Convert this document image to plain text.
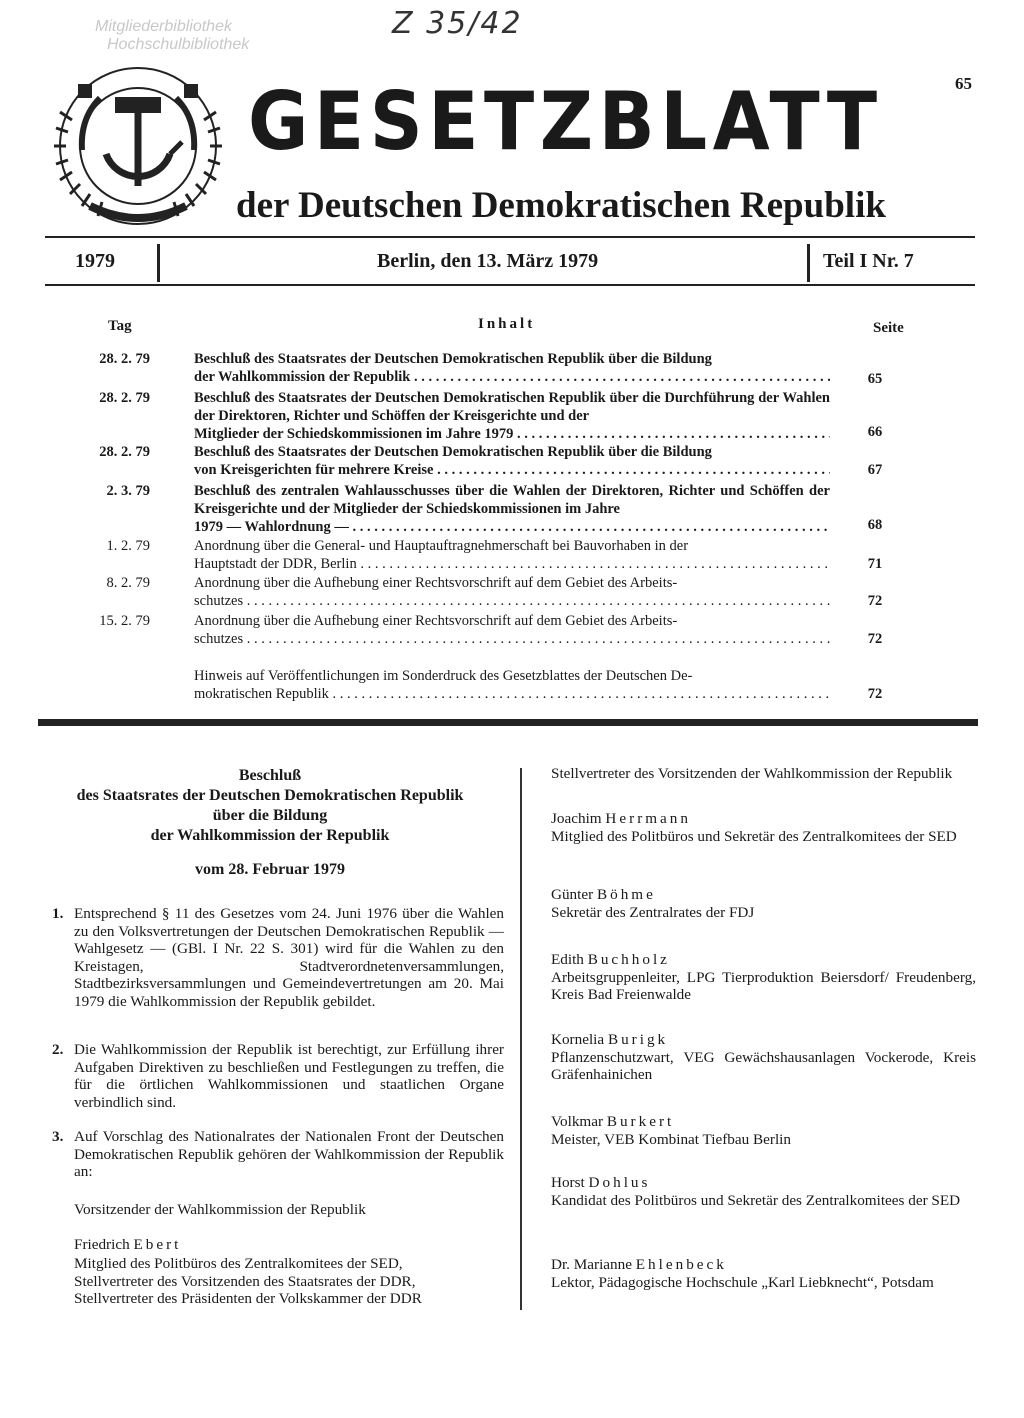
Mitgliederbibliothek
Hochschulbibliothek
Z 35/42
65
GESETZBLATT
der Deutschen Demokratischen Republik
1979	Berlin, den 13. März 1979	Teil I Nr. 7
Tag	Inhalt	Seite
28. 2. 79	Beschluß des Staatsrates der Deutschen Demokratischen Republik über die Bildung
der Wahlkommission der Republik . . .	65
28. 2. 79	Beschluß des Staatsrates der Deutschen Demokratischen Republik über die Durchführung der Wahlen der Direktoren, Richter und Schöffen der Kreisgerichte und der
Mitglieder der Schiedskommissionen im Jahre 1979 . . .	66
28. 2. 79	Beschluß des Staatsrates der Deutschen Demokratischen Republik über die Bildung
von Kreisgerichten für mehrere Kreise . . .	67
2. 3. 79	Beschluß des zentralen Wahlausschusses über die Wahlen der Direktoren, Richter und Schöffen der Kreisgerichte und der Mitglieder der Schiedskommissionen im Jahre
1979 — Wahlordnung — . . .	68
1. 2. 79	Anordnung über die General- und Hauptauftragnehmerschaft bei Bauvorhaben in der
Hauptstadt der DDR, Berlin . . .	71
8. 2. 79	Anordnung über die Aufhebung einer Rechtsvorschrift auf dem Gebiet des Arbeits-
schutzes . . .	72
15. 2. 79	Anordnung über die Aufhebung einer Rechtsvorschrift auf dem Gebiet des Arbeits-
schutzes . . .	72
Hinweis auf Veröffentlichungen im Sonderdruck des Gesetzblattes der Deutschen De-
mokratischen Republik . . .	72
Beschluß
des Staatsrates der Deutschen Demokratischen Republik
über die Bildung
der Wahlkommission der Republik
vom 28. Februar 1979
1. Entsprechend § 11 des Gesetzes vom 24. Juni 1976 über die Wahlen zu den Volksvertretungen der Deutschen Demokratischen Republik — Wahlgesetz — (GBl. I Nr. 22 S. 301) wird für die Wahlen zu den Kreistagen, Stadtverordnetenversammlungen, Stadtbezirksversammlungen und Gemeindevertretungen am 20. Mai 1979 die Wahlkommission der Republik gebildet.
2. Die Wahlkommission der Republik ist berechtigt, zur Erfüllung ihrer Aufgaben Direktiven zu beschließen und Festlegungen zu treffen, die für die örtlichen Wahlkommissionen und staatlichen Organe verbindlich sind.
3. Auf Vorschlag des Nationalrates der Nationalen Front der Deutschen Demokratischen Republik gehören der Wahlkommission der Republik an:
Vorsitzender der Wahlkommission der Republik
Friedrich Ebert
Mitglied des Politbüros des Zentralkomitees der SED,
Stellvertreter des Vorsitzenden des Staatsrates der DDR,
Stellvertreter des Präsidenten der Volkskammer der DDR
Stellvertreter des Vorsitzenden der Wahlkommission der Republik
Joachim Herrmann
Mitglied des Politbüros und Sekretär des Zentralkomitees der SED
Günter Böhme
Sekretär des Zentralrates der FDJ
Edith Buchholz
Arbeitsgruppenleiter, LPG Tierproduktion Beiersdorf/ Freudenberg, Kreis Bad Freienwalde
Kornelia Burigk
Pflanzenschutzwart, VEG Gewächshausanlagen Vockerode, Kreis Gräfenhainichen
Volkmar Burkert
Meister, VEB Kombinat Tiefbau Berlin
Horst Dohlus
Kandidat des Politbüros und Sekretär des Zentralkomitees der SED
Dr. Marianne Ehlenbeck
Lektor, Pädagogische Hochschule „Karl Liebknecht“, Potsdam
